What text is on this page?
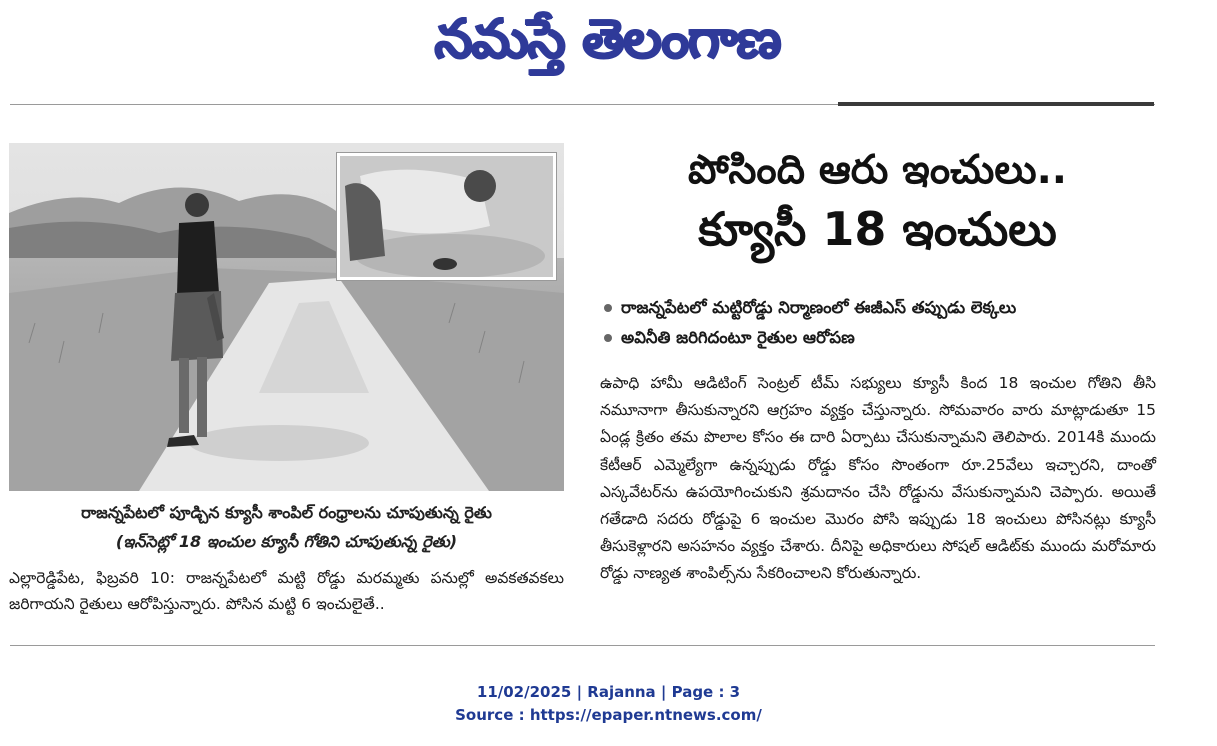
నమస్తే తెలంగాణ
రాజన్నపేటలో పూడ్చిన క్యూసీ శాంపిల్ రంధ్రాలను చూపుతున్న రైతు
(ఇన్‌సెట్లో 18 ఇంచుల క్యూసీ గోతిని చూపుతున్న రైతు)
ఎల్లారెడ్డిపేట, ఫిబ్రవరి 10: రాజన్నపేటలో మట్టి రోడ్డు మరమ్మతు పనుల్లో అవకతవకలు జరిగాయని రైతులు ఆరోపిస్తున్నారు. పోసిన మట్టి 6 ఇంచులైతే..
పోసింది ఆరు ఇంచులు..
క్యూసీ 18 ఇంచులు
రాజన్నపేటలో మట్టిరోడ్డు నిర్మాణంలో ఈజీఎస్ తప్పుడు లెక్కలు
అవినీతి జరిగిదంటూ రైతుల ఆరోపణ
ఉపాధి హామీ ఆడిటింగ్ సెంట్రల్ టీమ్ సభ్యులు క్యూసీ కింద 18 ఇంచుల గోతిని తీసి నమూనాగా తీసుకున్నారని ఆగ్రహం వ్యక్తం చేస్తున్నారు. సోమవారం వారు మాట్లాడుతూ 15 ఏండ్ల క్రితం తమ పొలాల కోసం ఈ దారి ఏర్పాటు చేసుకున్నామని తెలిపారు. 2014కి ముందు కేటీఆర్ ఎమ్మెల్యేగా ఉన్నప్పుడు రోడ్డు కోసం సొంతంగా రూ.25వేలు ఇచ్చారని, దాంతో ఎస్కవేటర్‌ను ఉపయోగించుకుని శ్రమదానం చేసి రోడ్డును వేసుకున్నామని చెప్పారు. అయితే గతేడాది సదరు రోడ్డుపై 6 ఇంచుల మొరం పోసి ఇప్పుడు 18 ఇంచులు పోసినట్లు క్యూసీ తీసుకెళ్లారని అసహనం వ్యక్తం చేశారు. దీనిపై అధికారులు సోషల్ ఆడిట్‌కు ముందు మరోమారు రోడ్డు నాణ్యత శాంపిల్స్‌ను సేకరించాలని కోరుతున్నారు.
11/02/2025 | Rajanna | Page : 3
Source : https://epaper.ntnews.com/
